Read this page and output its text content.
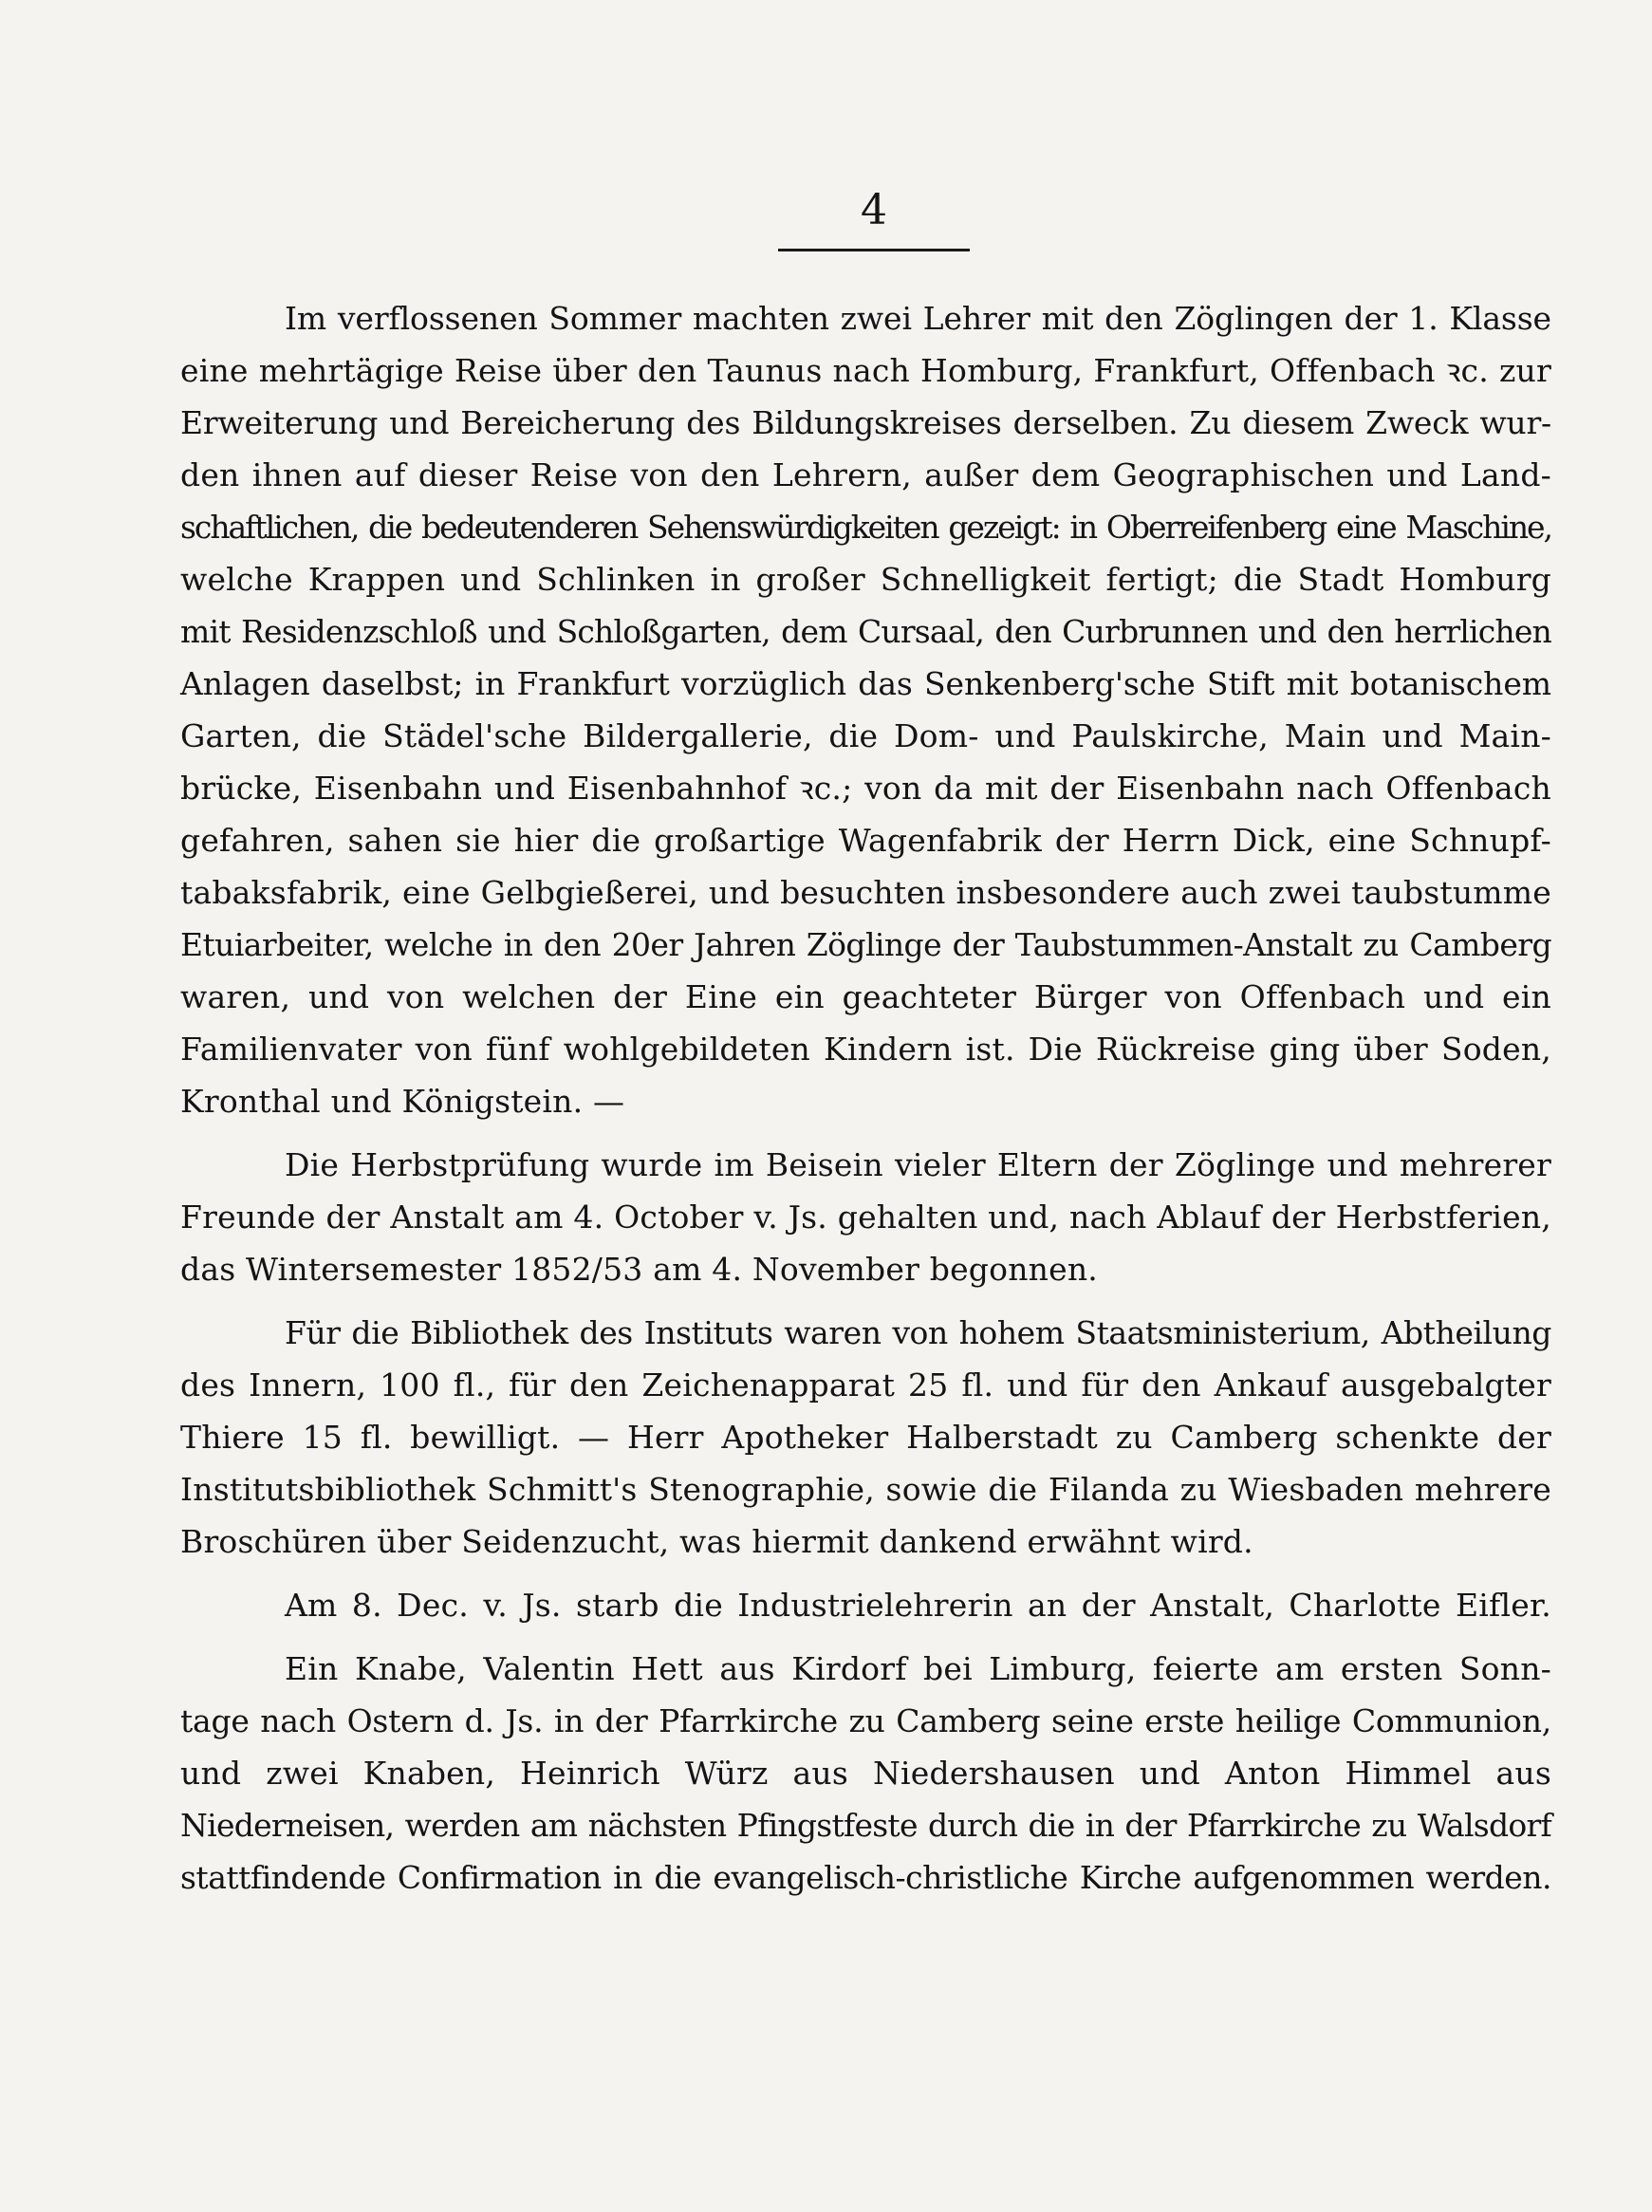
4
Im verflossenen Sommer machten zwei Lehrer mit den Zöglingen der 1. Klasse
eine mehrtägige Reise über den Taunus nach Homburg, Frankfurt, Offenbach ꝛc. zur
Erweiterung und Bereicherung des Bildungskreises derselben. Zu diesem Zweck wur-
den ihnen auf dieser Reise von den Lehrern, außer dem Geographischen und Land-
schaftlichen, die bedeutenderen Sehenswürdigkeiten gezeigt: in Oberreifenberg eine Maschine,
welche Krappen und Schlinken in großer Schnelligkeit fertigt; die Stadt Homburg
mit Residenzschloß und Schloßgarten, dem Cursaal, den Curbrunnen und den herrlichen
Anlagen daselbst; in Frankfurt vorzüglich das Senkenberg'sche Stift mit botanischem
Garten, die Städel'sche Bildergallerie, die Dom- und Paulskirche, Main und Main-
brücke, Eisenbahn und Eisenbahnhof ꝛc.; von da mit der Eisenbahn nach Offenbach
gefahren, sahen sie hier die großartige Wagenfabrik der Herrn Dick, eine Schnupf-
tabaksfabrik, eine Gelbgießerei, und besuchten insbesondere auch zwei taubstumme
Etuiarbeiter, welche in den 20er Jahren Zöglinge der Taubstummen-Anstalt zu Camberg
waren, und von welchen der Eine ein geachteter Bürger von Offenbach und ein
Familienvater von fünf wohlgebildeten Kindern ist. Die Rückreise ging über Soden,
Kronthal und Königstein. —
Die Herbstprüfung wurde im Beisein vieler Eltern der Zöglinge und mehrerer
Freunde der Anstalt am 4. October v. Js. gehalten und, nach Ablauf der Herbstferien,
das Wintersemester 1852/53 am 4. November begonnen.
Für die Bibliothek des Instituts waren von hohem Staatsministerium, Abtheilung
des Innern, 100 fl., für den Zeichenapparat 25 fl. und für den Ankauf ausgebalgter
Thiere 15 fl. bewilligt. — Herr Apotheker Halberstadt zu Camberg schenkte der
Institutsbibliothek Schmitt's Stenographie, sowie die Filanda zu Wiesbaden mehrere
Broschüren über Seidenzucht, was hiermit dankend erwähnt wird.
Am 8. Dec. v. Js. starb die Industrielehrerin an der Anstalt, Charlotte Eifler.
Ein Knabe, Valentin Hett aus Kirdorf bei Limburg, feierte am ersten Sonn-
tage nach Ostern d. Js. in der Pfarrkirche zu Camberg seine erste heilige Communion,
und zwei Knaben, Heinrich Würz aus Niedershausen und Anton Himmel aus
Niederneisen, werden am nächsten Pfingstfeste durch die in der Pfarrkirche zu Walsdorf
stattfindende Confirmation in die evangelisch-christliche Kirche aufgenommen werden.
